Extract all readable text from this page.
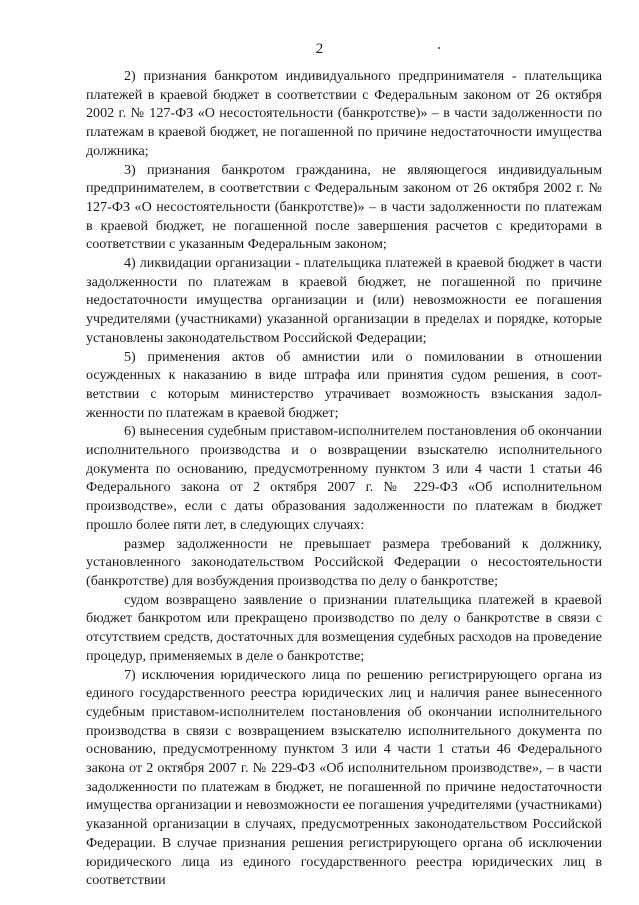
2

2) признания банкротом индивидуального предпринимателя - плательщика платежей в краевой бюджет в соответствии с Федеральным законом от 26 октября 2002 г. № 127-ФЗ «О несостоятельности (банкротстве)» – в части задолженности по платежам в краевой бюджет, не погашенной по причине недостаточности имущества должника;

3) признания банкротом гражданина, не являющегося индивидуальным предпринимателем, в соответствии с Федеральным законом от 26 октября 2002 г. № 127-ФЗ «О несостоятельности (банкротстве)» – в части задолженности по платежам в краевой бюджет, не погашенной после завершения расчетов с кредиторами в соответствии с указанным Федеральным законом;

4) ликвидации организации - плательщика платежей в краевой бюджет в части задолженности по платежам в краевой бюджет, не погашенной по причине недостаточности имущества организации и (или) невозможности ее погашения учредителями (участниками) указанной организации в пределах и порядке, которые установлены законодательством Российской Федерации;

5) применения актов об амнистии или о помиловании в отношении осужденных к наказанию в виде штрафа или принятия судом решения, в соответствии с которым министерство утрачивает возможность взыскания задолженности по платежам в краевой бюджет;

6) вынесения судебным приставом-исполнителем постановления об окончании исполнительного производства и о возвращении взыскателю исполнительного документа по основанию, предусмотренному пунктом 3 или 4 части 1 статьи 46 Федерального закона от 2 октября 2007 г. № 229-ФЗ «Об исполнительном производстве», если с даты образования задолженности по платежам в бюджет прошло более пяти лет, в следующих случаях:

размер задолженности не превышает размера требований к должнику, установленного законодательством Российской Федерации о несостоятельности (банкротстве) для возбуждения производства по делу о банкротстве;

судом возвращено заявление о признании плательщика платежей в краевой бюджет банкротом или прекращено производство по делу о банкротстве в связи с отсутствием средств, достаточных для возмещения судебных расходов на проведение процедур, применяемых в деле о банкротстве;

7) исключения юридического лица по решению регистрирующего органа из единого государственного реестра юридических лиц и наличия ранее вынесенного судебным приставом-исполнителем постановления об окончании исполнительного производства в связи с возвращением взыскателю исполнительного документа по основанию, предусмотренному пунктом 3 или 4 части 1 статьи 46 Федерального закона от 2 октября 2007 г. № 229-ФЗ «Об исполнительном производстве», – в части задолженности по платежам в бюджет, не погашенной по причине недостаточности имущества организации и невозможности ее погашения учредителями (участниками) указанной организации в случаях, предусмотренных законодательством Российской Федерации. В случае признания решения регистрирующего органа об исключении юридического лица из единого государственного реестра юридических лиц в соответствии
